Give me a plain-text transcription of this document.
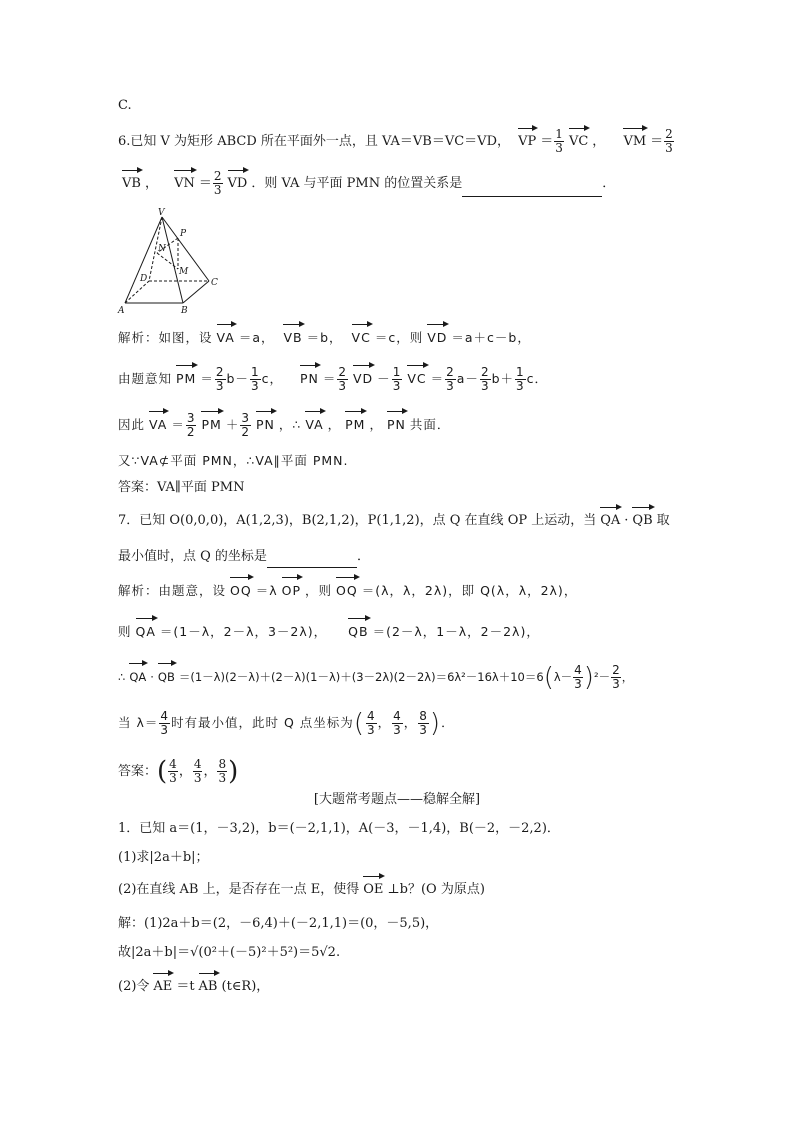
C.
6.已知 V 为矩形 ABCD 所在平面外一点，且 VA＝VB＝VC＝VD， VP ＝ $\frac{1}{3}$ VC ， VM ＝ $\frac{2}{3}$
VB ， VN ＝ $\frac{2}{3}$ VD ．则 VA 与平面 PMN 的位置关系是	．
V
P
N
M
D	C
A	B
解析：如图，设 VA ＝a， VB ＝b， VC ＝c，则 VD ＝a＋c－b，
由题意知 PM ＝ $\frac{2}{3} b- \frac{1}{3}$ c， PN ＝ $\frac{2}{3}$ VD － $\frac{1}{3}$ VC ＝ $\frac{2}{3} a- \frac{2}{3} b+ \frac{1}{3}$ c．
因此 VA ＝ $\frac{3}{2}$ PM ＋ $\frac{3}{2}$ PN ，∴ VA ， PM ， PN 共面．
又∵VA⊄平面 PMN，∴VA∥平面 PMN.
答案：VA∥平面 PMN
7．已知 O(0,0,0)，A(1,2,3)，B(2,1,2)，P(1,1,2)，点 Q 在直线 OP 上运动，当 QA · QB 取
最小值时，点 Q 的坐标是	．
解析：由题意，设 OQ ＝λ OP ，则 OQ ＝(λ，λ，2λ)，即 Q(λ，λ，2λ)，
则 QA ＝(1－λ，2－λ，3－2λ)， QB ＝(2－λ，1－λ，2－2λ)，
∴ QA · QB $=(1-\lambda)(2-\lambda)+(2-\lambda)(1-\lambda)+(3-2\lambda)(2-2\lambda)=6\lambda^2-16\lambda+10=6(\lambda- \frac{4}{3} )^2- \frac{2}{3}$ ，
当 $\lambda= \frac{4}{3}$ 时有最小值，此时 Q 点坐标为( $\frac{4}{3}$ ， $\frac{4}{3}$ ， $\frac{8}{3}$ )．
答案：( $\frac{4}{3}$ ， $\frac{4}{3}$ ， $\frac{8}{3}$ )
[大题常考题点——稳解全解]
1．已知 a＝(1，－3,2)，b＝(－2,1,1)，A(－3，－1,4)，B(－2，－2,2)．
(1)求|2a＋b|；
(2)在直线 AB 上，是否存在一点 E，使得 OE ⊥b？(O 为原点)
解：(1)2a＋b＝(2，－6,4)＋(－2,1,1)＝(0，－5,5)，
故|2a＋b|＝√(0²＋(－5)²＋5²)＝5√2.
(2)令 AE ＝t AB (t∈R)，
